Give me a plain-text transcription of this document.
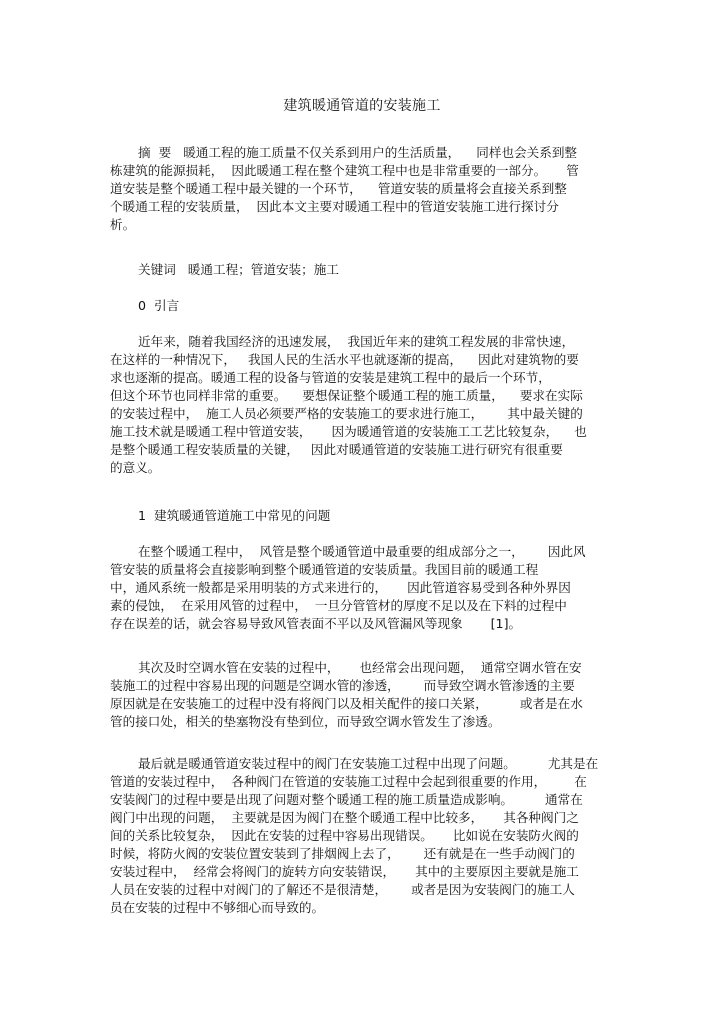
建筑暖通管道的安装施工
摘  要   暖通工程的施工质量不仅关系到用户的生活质量，    同样也会关系到整
栋建筑的能源损耗，  因此暖通工程在整个建筑工程中也是非常重要的一部分。     管
道安装是整个暖通工程中最关键的一个环节，    管道安装的质量将会直接关系到整
个暖通工程的安装质量，  因此本文主要对暖通工程中的管道安装施工进行探讨分
析。
关键词   暖通工程；管道安装；施工
0  引言
近年来，随着我国经济的迅速发展，  我国近年来的建筑工程发展的非常快速，
在这样的一种情况下，   我国人民的生活水平也就逐渐的提高，    因此对建筑物的要
求也逐渐的提高。暖通工程的设备与管道的安装是建筑工程中的最后一个环节，
但这个环节也同样非常的重要。    要想保证整个暖通工程的施工质量，    要求在实际
的安装过程中，  施工人员必须要严格的安装施工的要求进行施工，      其中最关键的
施工技术就是暖通工程中管道安装，     因为暖通管道的安装施工工艺比较复杂，    也
是整个暖通工程安装质量的关键，   因此对暖通管道的安装施工进行研究有很重要
的意义。
1  建筑暖通管道施工中常见的问题
在整个暖通工程中，  风管是整个暖通管道中最重要的组成部分之一，      因此风
管安装的质量将会直接影响到整个暖通管道的安装质量。我国目前的暖通工程
中，通风系统一般都是采用明装的方式来进行的，     因此管道容易受到各种外界因
素的侵蚀，  在采用风管的过程中，  一旦分管管材的厚度不足以及在下料的过程中
存在误差的话，就会容易导致风管表面不平以及风管漏风等现象       [1]。
其次及时空调水管在安装的过程中，     也经常会出现问题，  通常空调水管在安
装施工的过程中容易出现的问题是空调水管的渗透，      而导致空调水管渗透的主要
原因就是在安装施工的过程中没有将阀门以及相关配件的接口关紧，        或者是在水
管的接口处，相关的垫塞物没有垫到位，而导致空调水管发生了渗透。
最后就是暖通管道安装过程中的阀门在安装施工过程中出现了问题。        尤其是在
管道的安装过程中，  各种阀门在管道的安装施工过程中会起到很重要的作用，       在
安装阀门的过程中要是出现了问题对整个暖通工程的施工质量造成影响。        通常在
阀门中出现的问题，  主要就是因为阀门在整个暖通工程中比较多，     其各种阀门之
间的关系比较复杂，  因此在安装的过程中容易出现错误。     比如说在安装防火阀的
时候，将防火阀的安装位置安装到了排烟阀上去了，      还有就是在一些手动阀门的
安装过程中，  经常会将阀门的旋转方向安装错误，     其中的主要原因主要就是施工
人员在安装的过程中对阀门的了解还不是很清楚，      或者是因为安装阀门的施工人
员在安装的过程中不够细心而导致的。
